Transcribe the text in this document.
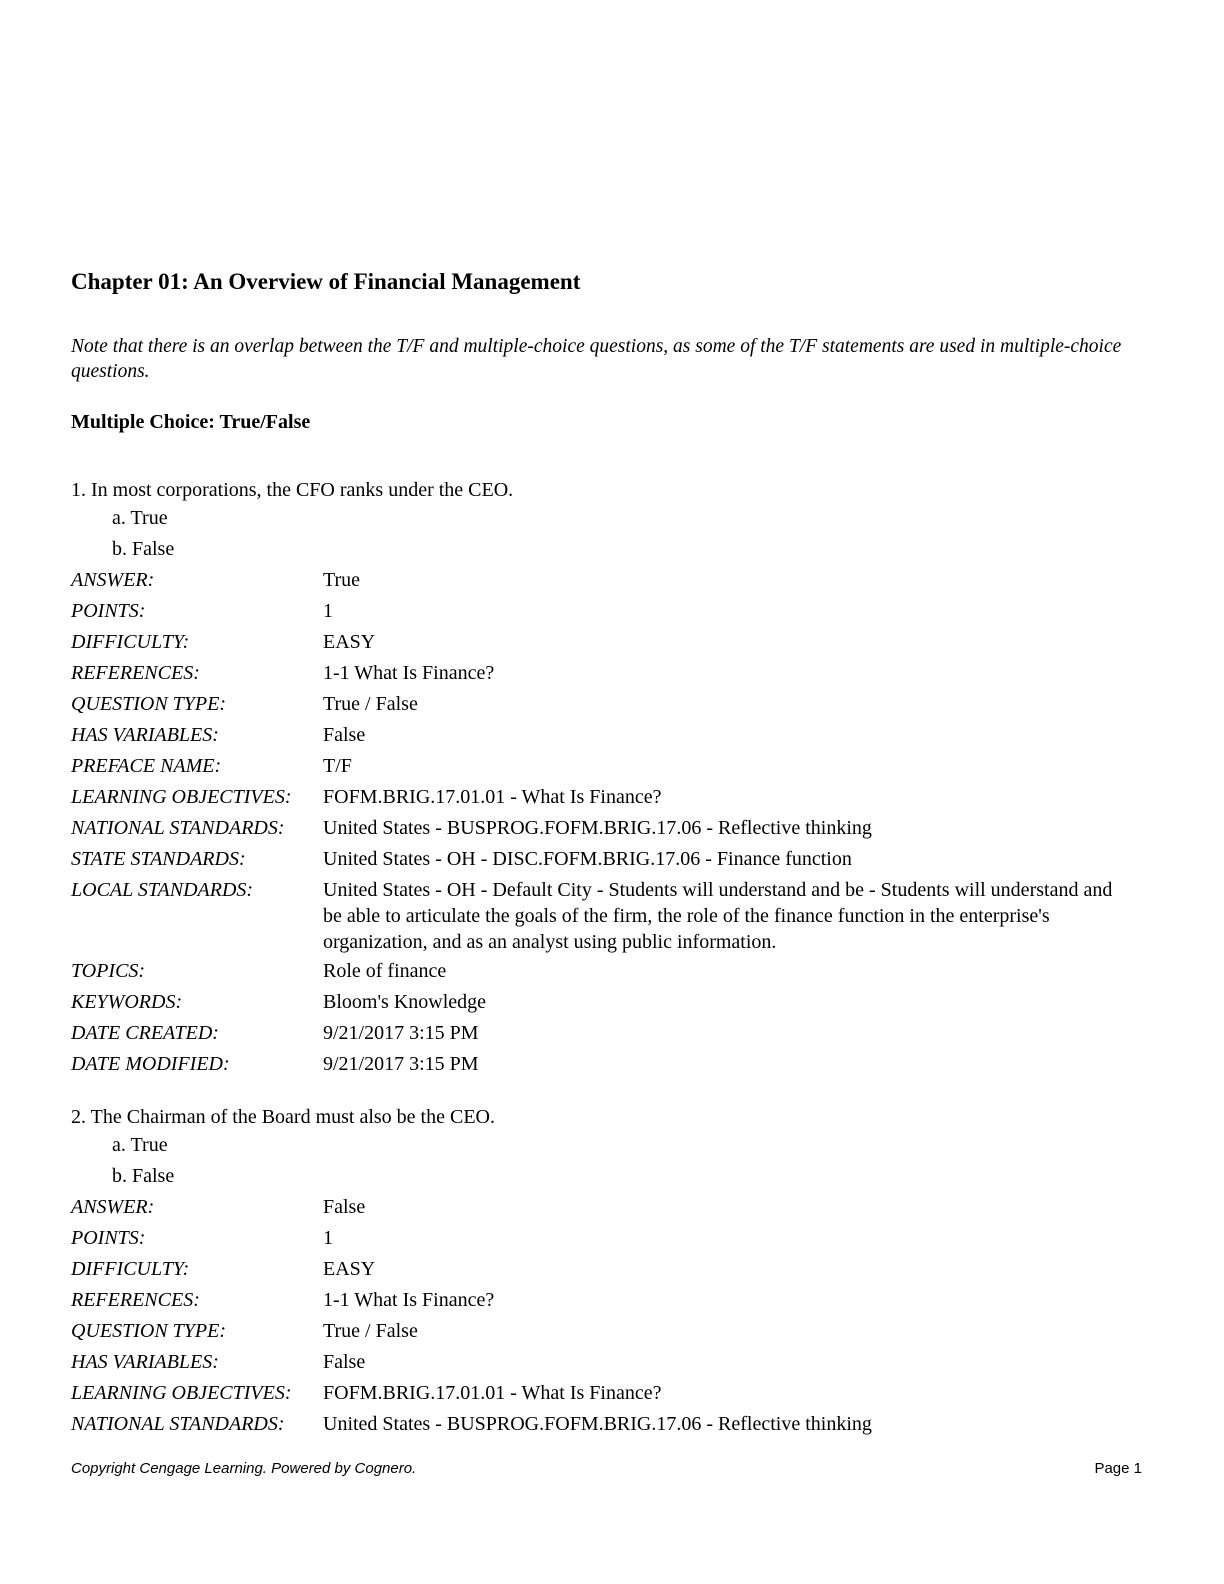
Chapter 01: An Overview of Financial Management

Note that there is an overlap between the T/F and multiple-choice questions, as some of the T/F statements are used in multiple-choice questions.

Multiple Choice: True/False
1. In most corporations, the CFO ranks under the CEO.
a. True
b. False
ANSWER:	True
POINTS:	1
DIFFICULTY:	EASY
REFERENCES:	1-1 What Is Finance?
QUESTION TYPE:	True / False
HAS VARIABLES:	False
PREFACE NAME:	T/F
LEARNING OBJECTIVES: FOFM.BRIG.17.01.01 - What Is Finance?
NATIONAL STANDARDS: United States - BUSPROG.FOFM.BRIG.17.06 - Reflective thinking
STATE STANDARDS:	United States - OH - DISC.FOFM.BRIG.17.06 - Finance function
LOCAL STANDARDS:	United States - OH - Default City - Students will understand and be - Students will understand and be able to articulate the goals of the firm, the role of the finance function in the enterprise's organization, and as an analyst using public information.
TOPICS:	Role of finance
KEYWORDS:	Bloom's Knowledge
DATE CREATED:	9/21/2017 3:15 PM
DATE MODIFIED:	9/21/2017 3:15 PM
2. The Chairman of the Board must also be the CEO.
a. True
b. False
ANSWER:	False
POINTS:	1
DIFFICULTY:	EASY
REFERENCES:	1-1 What Is Finance?
QUESTION TYPE:	True / False
HAS VARIABLES:	False
LEARNING OBJECTIVES: FOFM.BRIG.17.01.01 - What Is Finance?
NATIONAL STANDARDS: United States - BUSPROG.FOFM.BRIG.17.06 - Reflective thinking
Copyright Cengage Learning. Powered by Cognero.	Page 1
